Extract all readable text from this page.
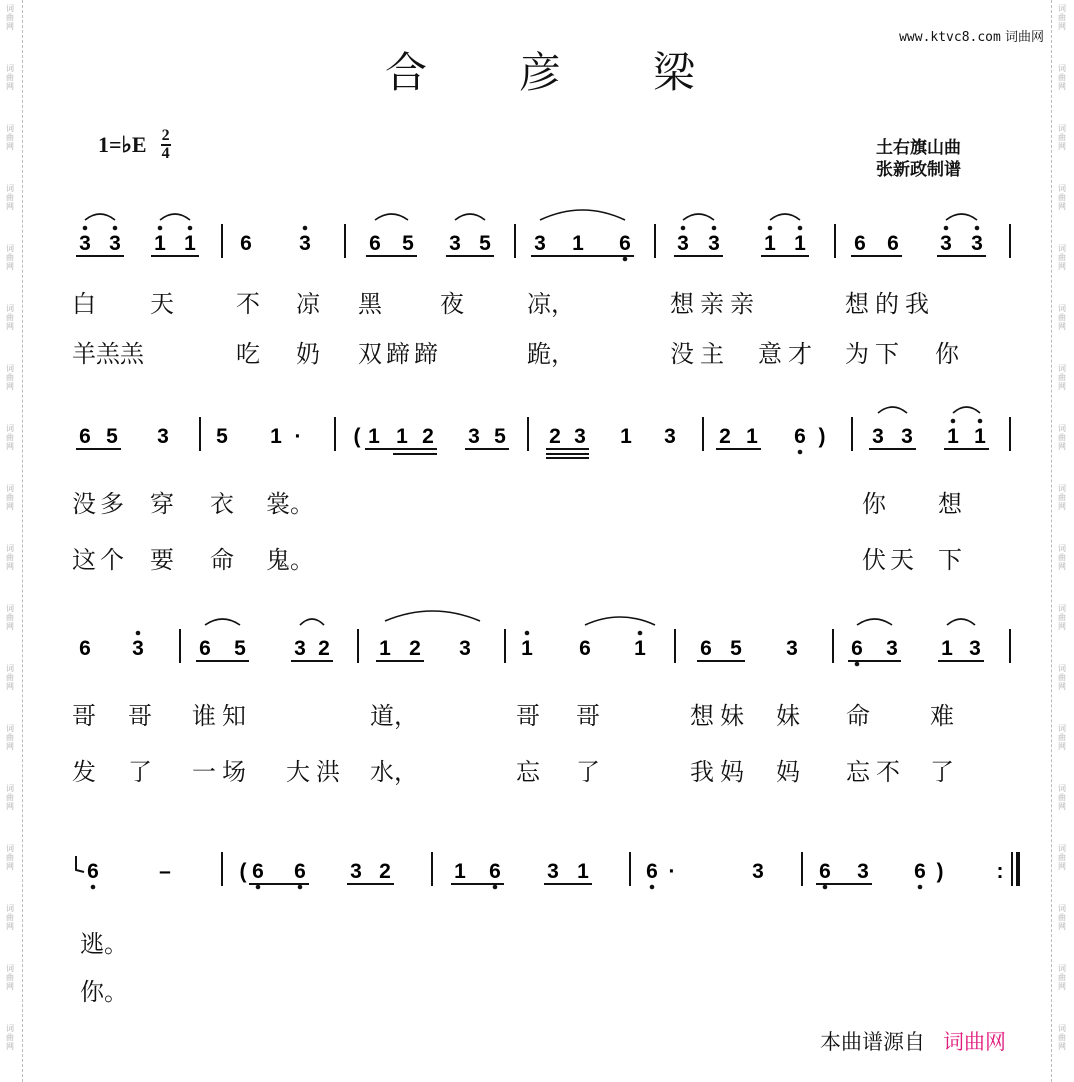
词
曲
网
词
曲
网
词
曲
网
词
曲
网
词
曲
网
词
曲
网
词
曲
网
词
曲
网
词
曲
网
词
曲
网
词
曲
网
词
曲
网
词
曲
网
词
曲
网
词
曲
网
词
曲
网
词
曲
网
词
曲
网
词
曲
网
词
曲
网
词
曲
网
词
曲
网
词
曲
网
词
曲
网
词
曲
网
词
曲
网
词
曲
网
词
曲
网
词
曲
网
词
曲
网
词
曲
网
词
曲
网
词
曲
网
词
曲
网
词
曲
网
词
曲
网
www.ktvc8.com 词曲网
合 彦 梁
1=♭E $\frac{2}{4}$	土右旗山曲
张新政制谱
3 3 1 1 6 3	6 5 3 5 3 1 6 3 3 1 1 6 6 3 3
6 5 3 5 1 · ( 1 1 2 3 5 2 3 1 3 2 1 6 ) 3 3 1 1
6 3	6 5 3 2 1 2 3 1 6 1	6 5 3	6 3 1 3
6	–	( 6 6 3 2	1 6 3 1	6 ·	3	6 3 6 )	:
白 天	不 凉 黑 夜	凉，	想亲亲	想的我
羊羔羔	吃 奶 双蹄蹄	跪，	没主 意才 为下 你
没多 穿 衣 裳。	你 想
这个 要 命 鬼。	伏天 下
哥 哥 谁知	道，	哥 哥	想妹 妹 命	难
发 了 一场 大洪 水，	忘 了	我妈 妈 忘不 了
逃。
你。
本曲谱源自 词曲网
